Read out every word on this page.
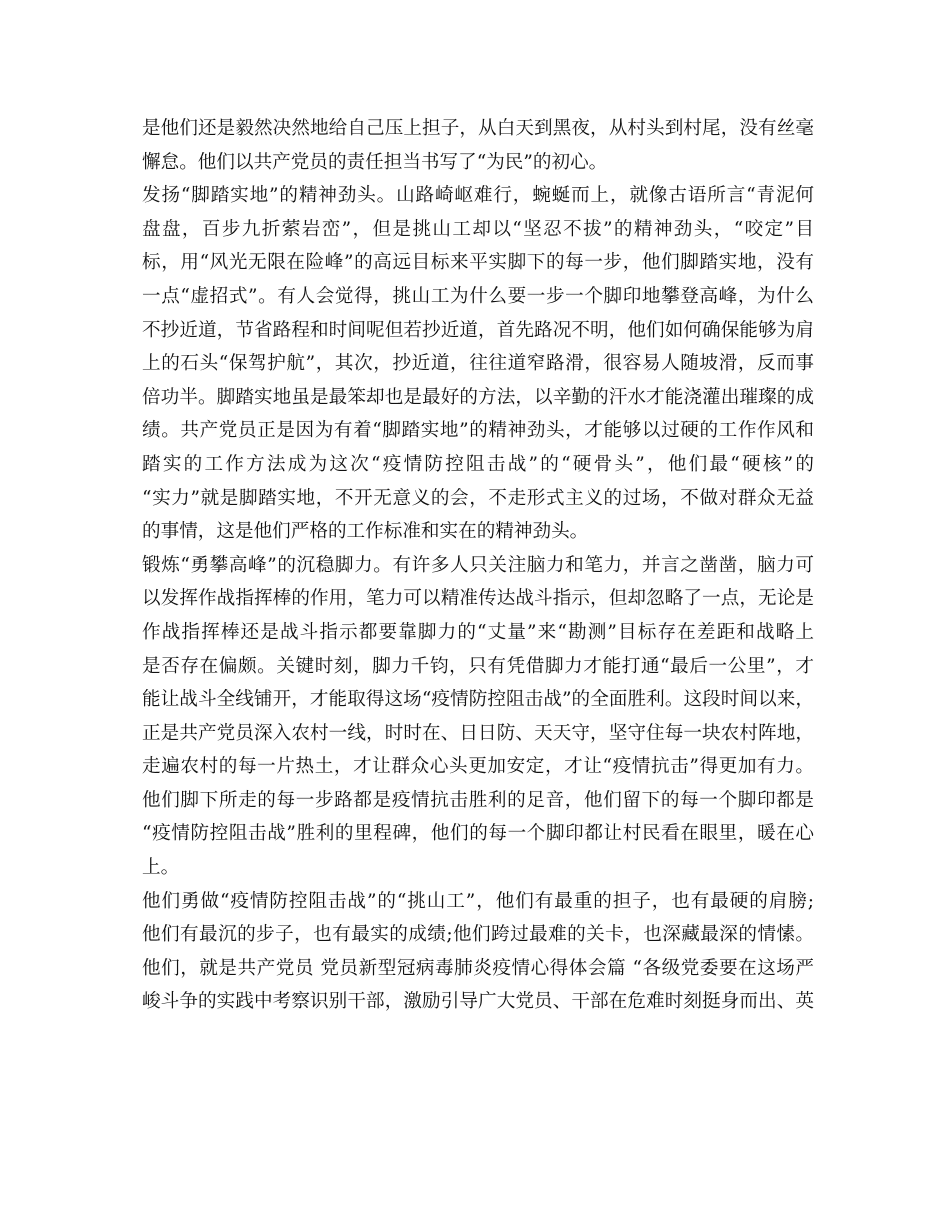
是他们还是毅然决然地给自己压上担子，从白天到黑夜，从村头到村尾，没有丝毫
懈怠。他们以共产党员的责任担当书写了“为民”的初心。
发扬“脚踏实地”的精神劲头。山路崎岖难行，蜿蜒而上，就像古语所言“青泥何
盘盘，百步九折萦岩峦”，但是挑山工却以“坚忍不拔”的精神劲头，“咬定”目
标，用“风光无限在险峰”的高远目标来平实脚下的每一步，他们脚踏实地，没有
一点“虚招式”。有人会觉得，挑山工为什么要一步一个脚印地攀登高峰，为什么
不抄近道，节省路程和时间呢但若抄近道，首先路况不明，他们如何确保能够为肩
上的石头“保驾护航”，其次，抄近道，往往道窄路滑，很容易人随坡滑，反而事
倍功半。脚踏实地虽是最笨却也是最好的方法，以辛勤的汗水才能浇灌出璀璨的成
绩。共产党员正是因为有着“脚踏实地”的精神劲头，才能够以过硬的工作作风和
踏实的工作方法成为这次“疫情防控阻击战”的“硬骨头”，他们最“硬核”的
“实力”就是脚踏实地，不开无意义的会，不走形式主义的过场，不做对群众无益
的事情，这是他们严格的工作标准和实在的精神劲头。
锻炼“勇攀高峰”的沉稳脚力。有许多人只关注脑力和笔力，并言之凿凿，脑力可
以发挥作战指挥棒的作用，笔力可以精准传达战斗指示，但却忽略了一点，无论是
作战指挥棒还是战斗指示都要靠脚力的“丈量”来“勘测”目标存在差距和战略上
是否存在偏颇。关键时刻，脚力千钧，只有凭借脚力才能打通“最后一公里”，才
能让战斗全线铺开，才能取得这场“疫情防控阻击战”的全面胜利。这段时间以来，
正是共产党员深入农村一线，时时在、日日防、天天守，坚守住每一块农村阵地，
走遍农村的每一片热土，才让群众心头更加安定，才让“疫情抗击”得更加有力。
他们脚下所走的每一步路都是疫情抗击胜利的足音，他们留下的每一个脚印都是
“疫情防控阻击战”胜利的里程碑，他们的每一个脚印都让村民看在眼里，暖在心
上。
他们勇做“疫情防控阻击战”的“挑山工”，他们有最重的担子，也有最硬的肩膀;
他们有最沉的步子，也有最实的成绩;他们跨过最难的关卡，也深藏最深的情愫。
他们，就是共产党员 党员新型冠病毒肺炎疫情心得体会篇 “各级党委要在这场严
峻斗争的实践中考察识别干部，激励引导广大党员、干部在危难时刻挺身而出、英
